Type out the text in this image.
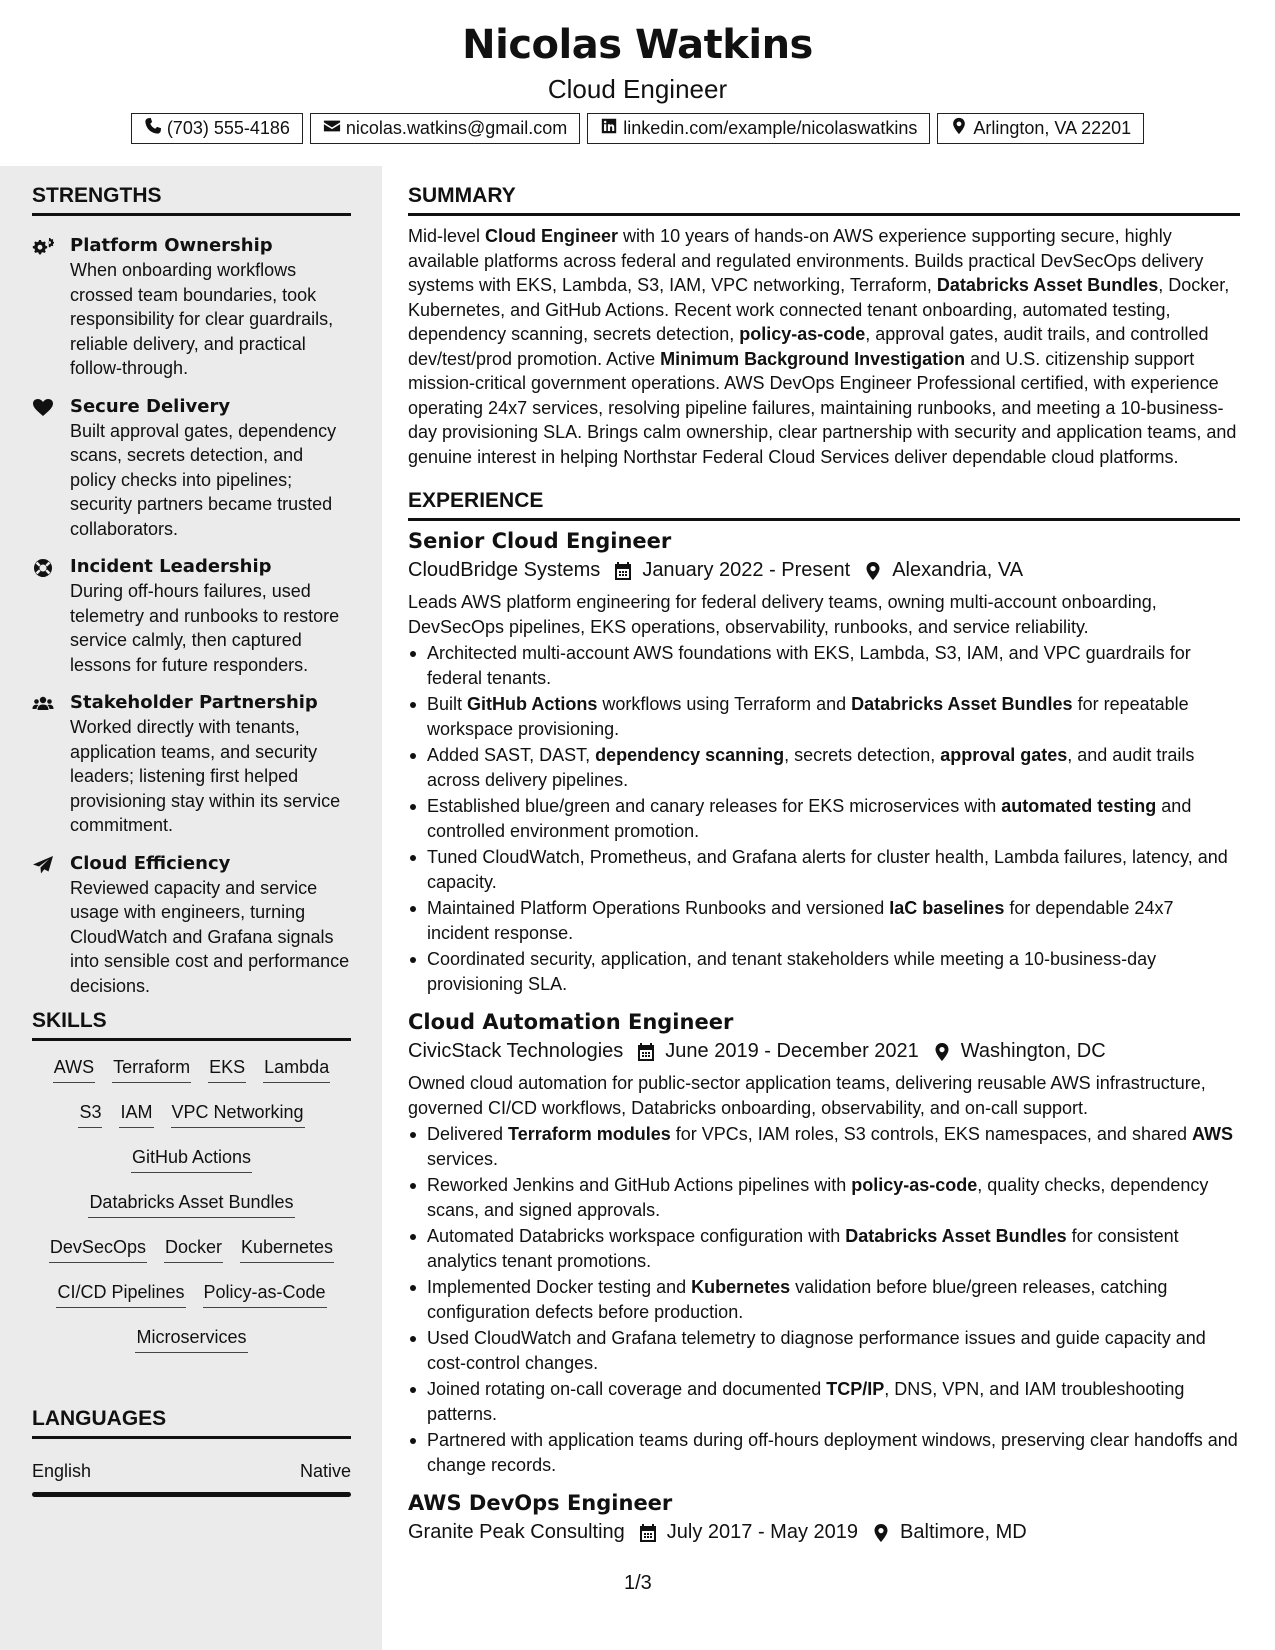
Nicolas Watkins
Cloud Engineer
(703) 555-4186	nicolas.watkins@gmail.com	linkedin.com/example/nicolaswatkins	Arlington, VA 22201
STRENGTHS
Platform Ownership
When onboarding workflows crossed team boundaries, took responsibility for clear guardrails, reliable delivery, and practical follow-through.
Secure Delivery
Built approval gates, dependency scans, secrets detection, and policy checks into pipelines; security partners became trusted collaborators.
Incident Leadership
During off-hours failures, used telemetry and runbooks to restore service calmly, then captured lessons for future responders.
Stakeholder Partnership
Worked directly with tenants, application teams, and security leaders; listening first helped provisioning stay within its service commitment.
Cloud Efficiency
Reviewed capacity and service usage with engineers, turning CloudWatch and Grafana signals into sensible cost and performance decisions.
SKILLS
AWS Terraform EKS Lambda
S3 IAM VPC Networking
GitHub Actions
Databricks Asset Bundles
DevSecOps Docker Kubernetes
CI/CD Pipelines Policy-as-Code
Microservices
LANGUAGES
English	Native
SUMMARY

Mid-level Cloud Engineer with 10 years of hands-on AWS experience supporting secure, highly available platforms across federal and regulated environments. Builds practical DevSecOps delivery systems with EKS, Lambda, S3, IAM, VPC networking, Terraform, Databricks Asset Bundles, Docker, Kubernetes, and GitHub Actions. Recent work connected tenant onboarding, automated testing, dependency scanning, secrets detection, policy-as-code, approval gates, audit trails, and controlled dev/test/prod promotion. Active Minimum Background Investigation and U.S. citizenship support mission-critical government operations. AWS DevOps Engineer Professional certified, with experience operating 24x7 services, resolving pipeline failures, maintaining runbooks, and meeting a 10-business-day provisioning SLA. Brings calm ownership, clear partnership with security and application teams, and genuine interest in helping Northstar Federal Cloud Services deliver dependable cloud platforms.

EXPERIENCE
Senior Cloud Engineer
CloudBridge Systems January 2022 - Present Alexandria, VA

Leads AWS platform engineering for federal delivery teams, owning multi-account onboarding, DevSecOps pipelines, EKS operations, observability, runbooks, and service reliability.

Architected multi-account AWS foundations with EKS, Lambda, S3, IAM, and VPC guardrails for federal tenants.
Built GitHub Actions workflows using Terraform and Databricks Asset Bundles for repeatable workspace provisioning.
Added SAST, DAST, dependency scanning, secrets detection, approval gates, and audit trails across delivery pipelines.
Established blue/green and canary releases for EKS microservices with automated testing and controlled environment promotion.
Tuned CloudWatch, Prometheus, and Grafana alerts for cluster health, Lambda failures, latency, and capacity.
Maintained Platform Operations Runbooks and versioned IaC baselines for dependable 24x7 incident response.
Coordinated security, application, and tenant stakeholders while meeting a 10-business-day provisioning SLA.
Cloud Automation Engineer
CivicStack Technologies June 2019 - December 2021 Washington, DC

Owned cloud automation for public-sector application teams, delivering reusable AWS infrastructure, governed CI/CD workflows, Databricks onboarding, observability, and on-call support.

Delivered Terraform modules for VPCs, IAM roles, S3 controls, EKS namespaces, and shared AWS services.
Reworked Jenkins and GitHub Actions pipelines with policy-as-code, quality checks, dependency scans, and signed approvals.
Automated Databricks workspace configuration with Databricks Asset Bundles for consistent analytics tenant promotions.
Implemented Docker testing and Kubernetes validation before blue/green releases, catching configuration defects before production.
Used CloudWatch and Grafana telemetry to diagnose performance issues and guide capacity and cost-control changes.
Joined rotating on-call coverage and documented TCP/IP, DNS, VPN, and IAM troubleshooting patterns.
Partnered with application teams during off-hours deployment windows, preserving clear handoffs and change records.
AWS DevOps Engineer
Granite Peak Consulting July 2017 - May 2019 Baltimore, MD
1/3
